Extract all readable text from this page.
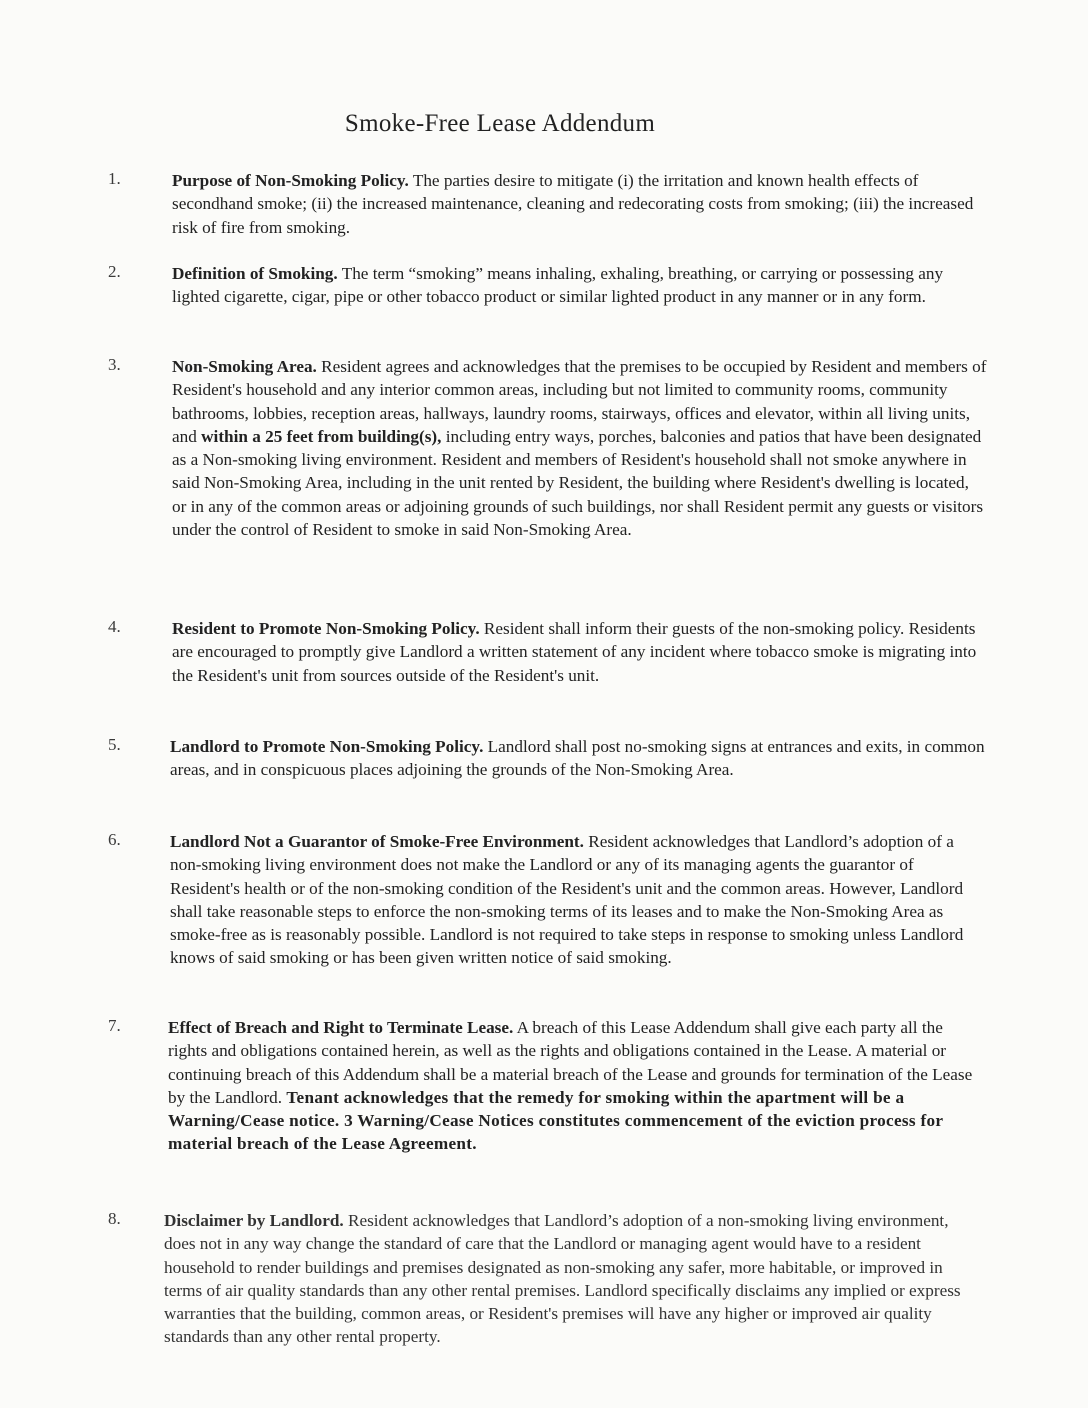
Smoke-Free Lease Addendum
1.	Purpose of Non-Smoking Policy. The parties desire to mitigate (i) the irritation and known health effects of secondhand smoke; (ii) the increased maintenance, cleaning and redecorating costs from smoking; (iii) the increased risk of fire from smoking.
2.	Definition of Smoking. The term “smoking” means inhaling, exhaling, breathing, or carrying or possessing any lighted cigarette, cigar, pipe or other tobacco product or similar lighted product in any manner or in any form.
3.	Non-Smoking Area. Resident agrees and acknowledges that the premises to be occupied by Resident and members of Resident's household and any interior common areas, including but not limited to community rooms, community bathrooms, lobbies, reception areas, hallways, laundry rooms, stairways, offices and elevator, within all living units, and within a 25 feet from building(s), including entry ways, porches, balconies and patios that have been designated as a Non-smoking living environment. Resident and members of Resident's household shall not smoke anywhere in said Non-Smoking Area, including in the unit rented by Resident, the building where Resident's dwelling is located, or in any of the common areas or adjoining grounds of such buildings, nor shall Resident permit any guests or visitors under the control of Resident to smoke in said Non-Smoking Area.
4.	Resident to Promote Non-Smoking Policy. Resident shall inform their guests of the non-smoking policy. Residents are encouraged to promptly give Landlord a written statement of any incident where tobacco smoke is migrating into the Resident's unit from sources outside of the Resident's unit.
5.	Landlord to Promote Non-Smoking Policy. Landlord shall post no-smoking signs at entrances and exits, in common areas, and in conspicuous places adjoining the grounds of the Non-Smoking Area.
6.	Landlord Not a Guarantor of Smoke-Free Environment. Resident acknowledges that Landlord’s adoption of a non-smoking living environment does not make the Landlord or any of its managing agents the guarantor of Resident's health or of the non-smoking condition of the Resident's unit and the common areas. However, Landlord shall take reasonable steps to enforce the non-smoking terms of its leases and to make the Non-Smoking Area as smoke-free as is reasonably possible. Landlord is not required to take steps in response to smoking unless Landlord knows of said smoking or has been given written notice of said smoking.
7.	Effect of Breach and Right to Terminate Lease. A breach of this Lease Addendum shall give each party all the rights and obligations contained herein, as well as the rights and obligations contained in the Lease. A material or continuing breach of this Addendum shall be a material breach of the Lease and grounds for termination of the Lease by the Landlord. Tenant acknowledges that the remedy for smoking within the apartment will be a Warning/Cease notice. 3 Warning/Cease Notices constitutes commencement of the eviction process for material breach of the Lease Agreement.
8.	Disclaimer by Landlord. Resident acknowledges that Landlord’s adoption of a non-smoking living environment, does not in any way change the standard of care that the Landlord or managing agent would have to a resident household to render buildings and premises designated as non-smoking any safer, more habitable, or improved in terms of air quality standards than any other rental premises. Landlord specifically disclaims any implied or express warranties that the building, common areas, or Resident's premises will have any higher or improved air quality standards than any other rental property.
